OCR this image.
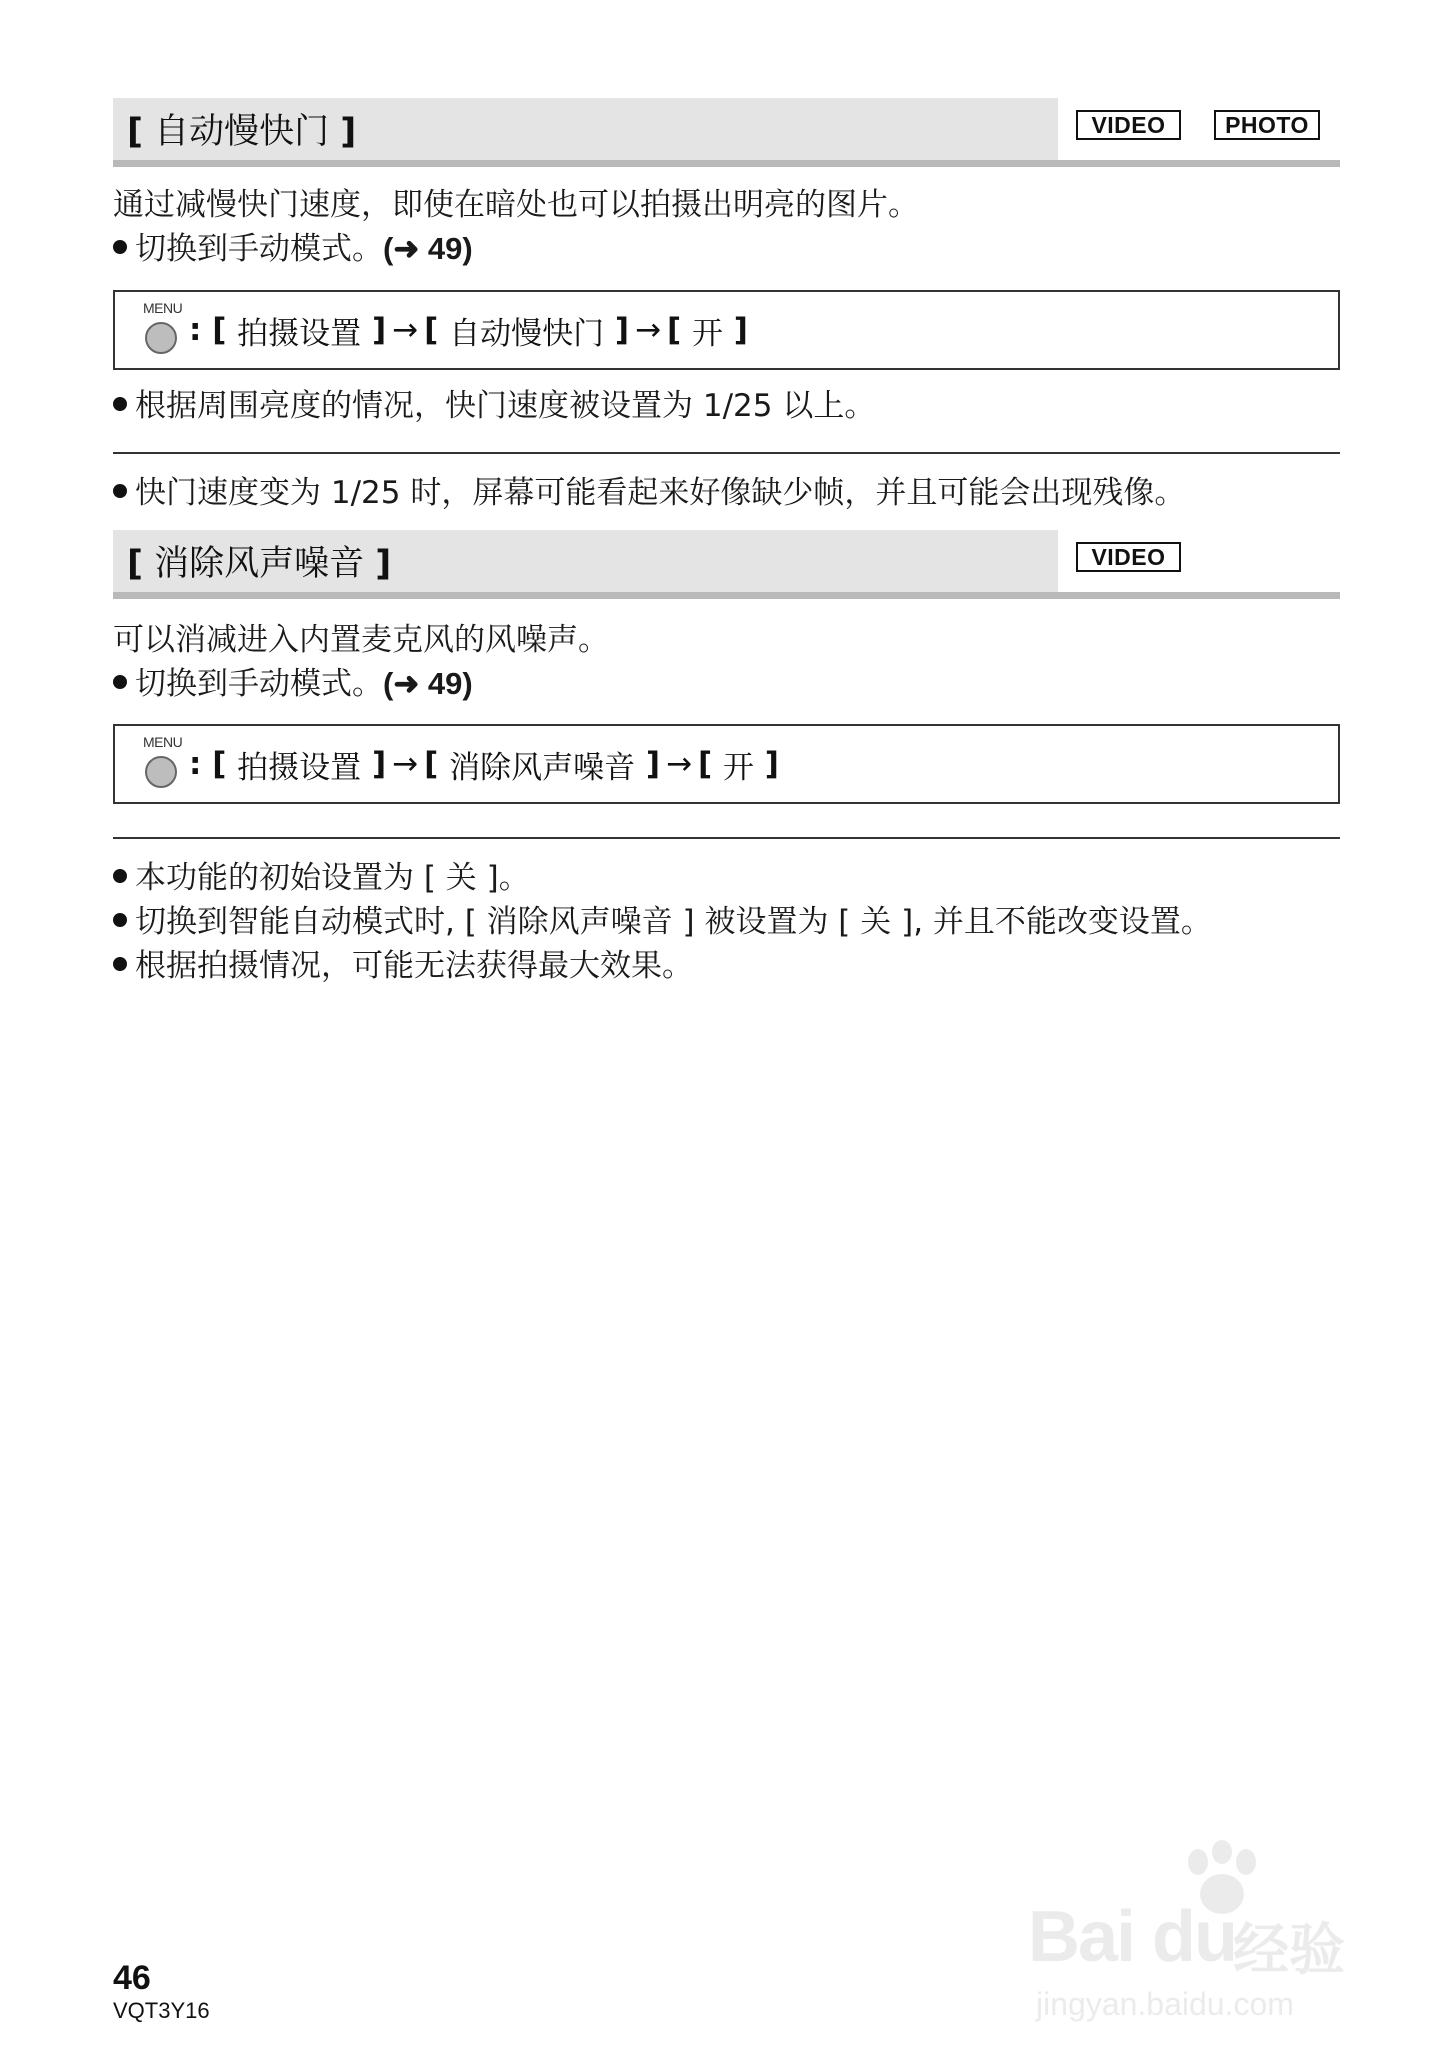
[ 自动慢快门 ]	VIDEO	PHOTO
通过减慢快门速度，即使在暗处也可以拍摄出明亮的图片。
切换到手动模式。(➜ 49)
MENU
: [ 拍摄设置 ] → [ 自动慢快门 ] → [ 开 ]
根据周围亮度的情况，快门速度被设置为 1/25 以上。
快门速度变为 1/25 时，屏幕可能看起来好像缺少帧，并且可能会出现残像。
[ 消除风声噪音 ]	VIDEO
可以消减进入内置麦克风的风噪声。
切换到手动模式。(➜ 49)
MENU
: [ 拍摄设置 ] → [ 消除风声噪音 ] → [ 开 ]
本功能的初始设置为 [ 关 ]。
切换到智能自动模式时, [ 消除风声噪音 ] 被设置为 [ 关 ], 并且不能改变设置。
根据拍摄情况，可能无法获得最大效果。
46
VQT3Y16
Bai du
经验
jingyan.baidu.com
